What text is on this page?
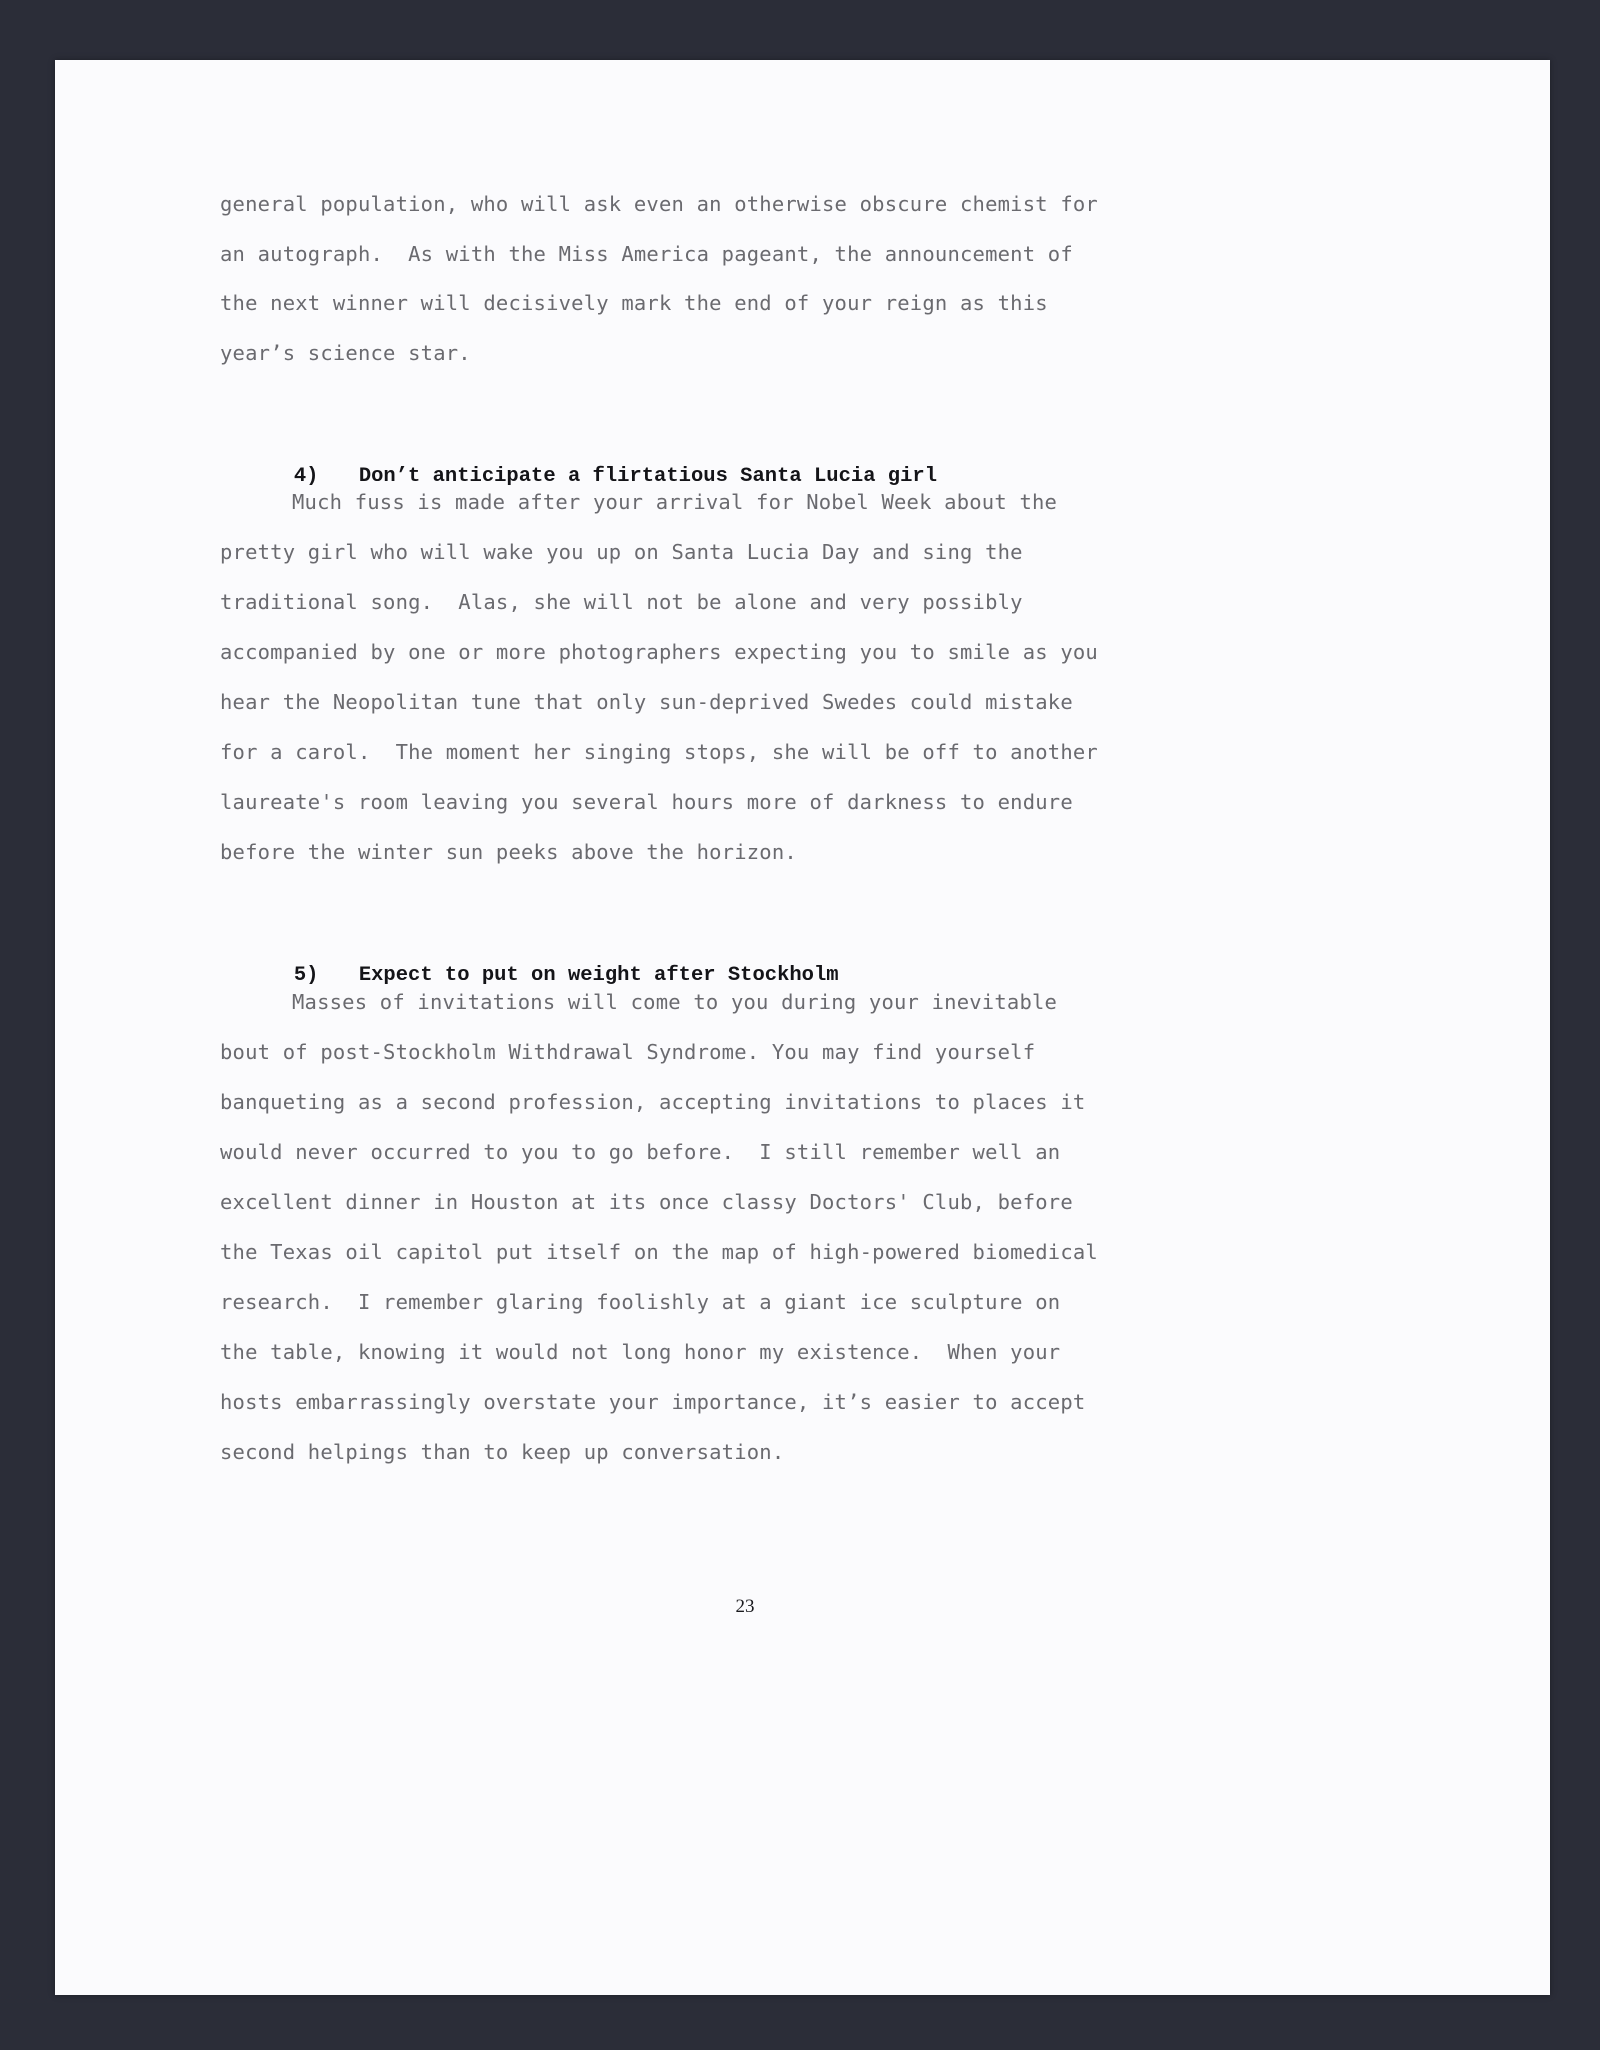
general population, who will ask even an otherwise obscure chemist for
an autograph.  As with the Miss America pageant, the announcement of
the next winner will decisively mark the end of your reign as this
year’s science star.

4) Don’t anticipate a flirtatious Santa Lucia girl

Much fuss is made after your arrival for Nobel Week about the
pretty girl who will wake you up on Santa Lucia Day and sing the
traditional song.  Alas, she will not be alone and very possibly
accompanied by one or more photographers expecting you to smile as you
hear the Neopolitan tune that only sun-deprived Swedes could mistake
for a carol.  The moment her singing stops, she will be off to another
laureate's room leaving you several hours more of darkness to endure
before the winter sun peeks above the horizon.

5) Expect to put on weight after Stockholm

Masses of invitations will come to you during your inevitable
bout of post-Stockholm Withdrawal Syndrome. You may find yourself
banqueting as a second profession, accepting invitations to places it
would never occurred to you to go before.  I still remember well an
excellent dinner in Houston at its once classy Doctors' Club, before
the Texas oil capitol put itself on the map of high-powered biomedical
research.  I remember glaring foolishly at a giant ice sculpture on
the table, knowing it would not long honor my existence.  When your
hosts embarrassingly overstate your importance, it’s easier to accept
second helpings than to keep up conversation.
23
